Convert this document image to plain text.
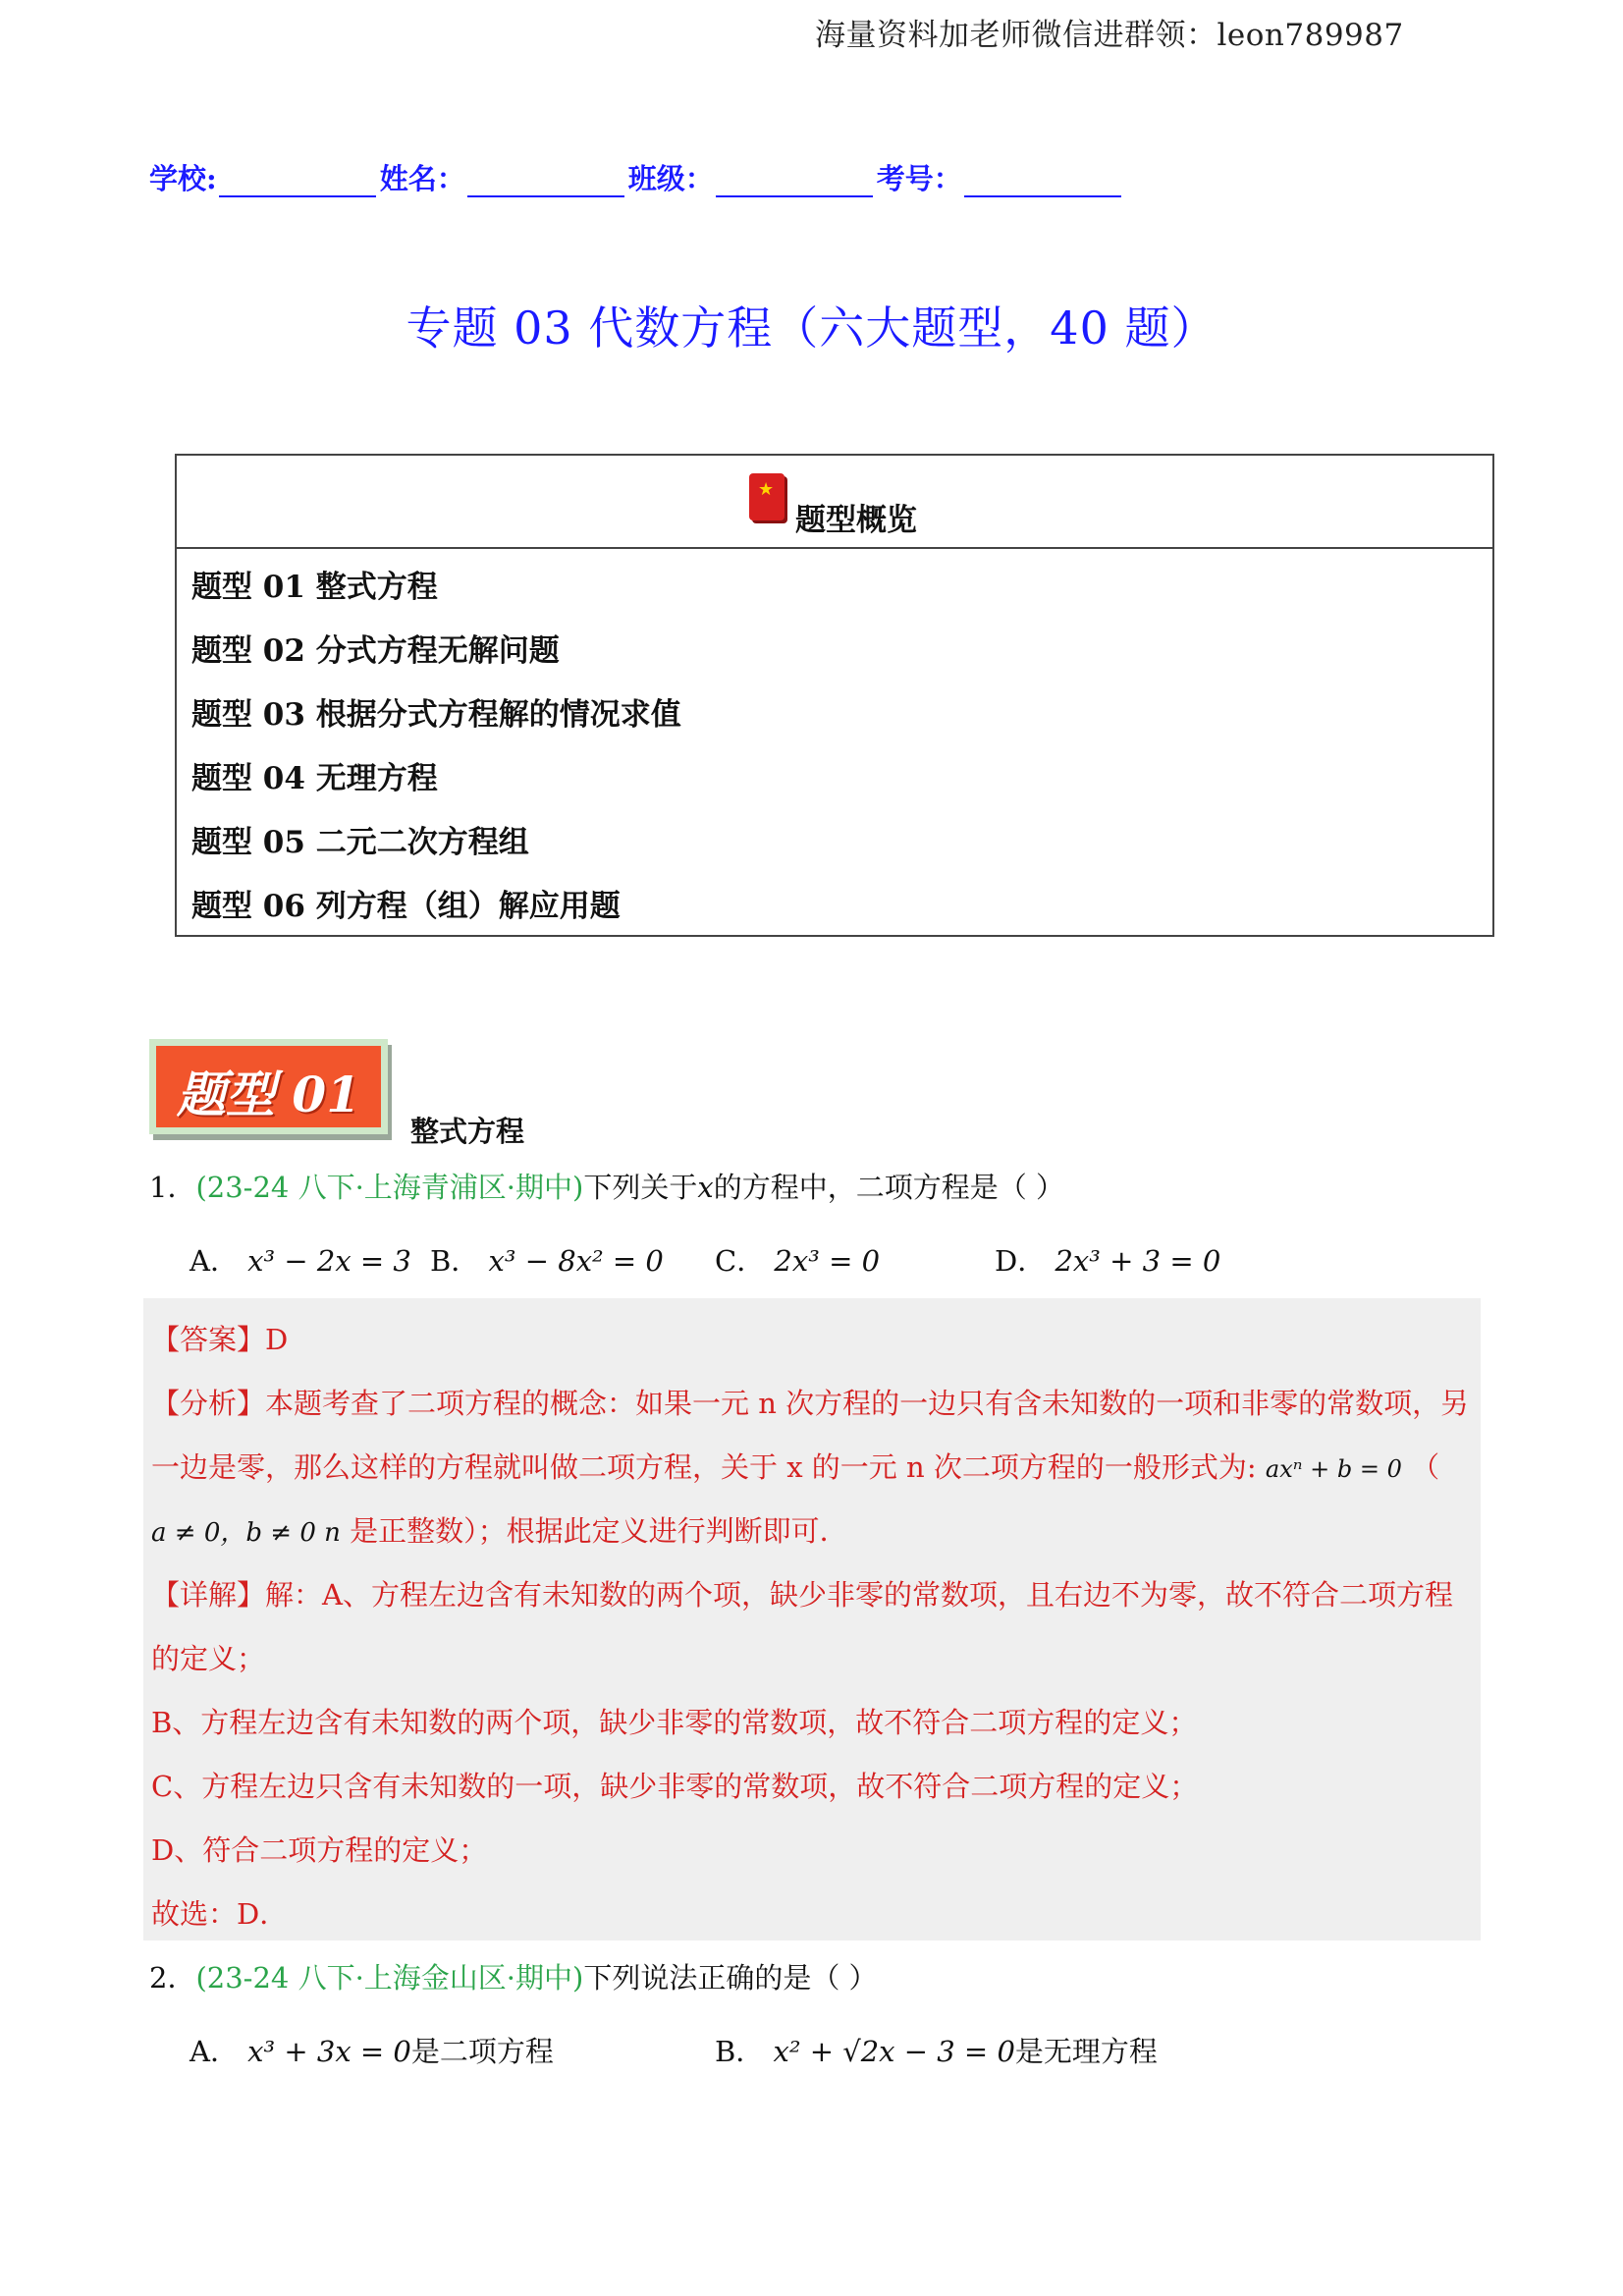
海量资料加老师微信进群领：leon789987
学校:	姓名：	班级：	考号：
专题 03 代数方程（六大题型，40 题）
★
题型概览
题型 01 整式方程
题型 02 分式方程无解问题
题型 03 根据分式方程解的情况求值
题型 04 无理方程
题型 05 二元二次方程组
题型 06 列方程（组）解应用题
题型 01
整式方程
1．(23-24 八下·上海青浦区·期中)下列关于x的方程中，二项方程是（ ）
A． x³ − 2x = 3 B． x³ − 8x² = 0 C． 2x³ = 0	D． 2x³ + 3 = 0
【答案】D
【分析】本题考查了二项方程的概念：如果一元 n 次方程的一边只有含未知数的一项和非零的常数项，另
一边是零，那么这样的方程就叫做二项方程，关于 x 的一元 n 次二项方程的一般形式为: axⁿ + b = 0 （
a ≠ 0，b ≠ 0 n 是正整数）；根据此定义进行判断即可．
【详解】解：A、方程左边含有未知数的两个项，缺少非零的常数项，且右边不为零，故不符合二项方程
的定义；
B、方程左边含有未知数的两个项，缺少非零的常数项，故不符合二项方程的定义；
C、方程左边只含有未知数的一项，缺少非零的常数项，故不符合二项方程的定义；
D、符合二项方程的定义；
故选：D．
2．(23-24 八下·上海金山区·期中)下列说法正确的是（ ）
A． x³ + 3x = 0是二项方程	B． x² + √2x − 3 = 0是无理方程
